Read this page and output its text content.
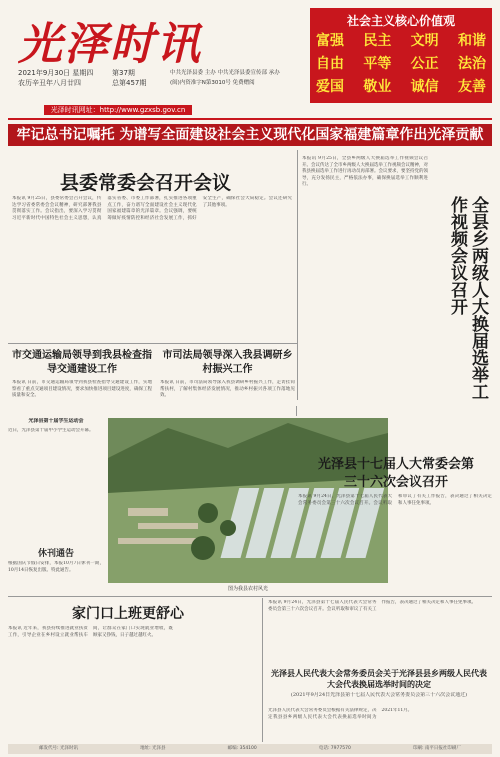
光泽时讯
2021年9月30日 星期四
农历辛丑年八月廿四
第37期
总第457期
中共光泽县委 主办 中共光泽县委宣传部 承办
(闽)内资准字N第3010号 免费赠阅
光泽时讯网址：http://www.gzxsb.gov.cn
社会主义核心价值观
富强 民主 文明 和谐
自由 平等 公正 法治
爱国 敬业 诚信 友善
牢记总书记嘱托 为谱写全面建设社会主义现代化国家福建篇章作出光泽贡献
县委常委会召开会议
本报讯 9月25日，县委常委会召开会议，传达学习省委常委会会议精神，研究部署我县贯彻落实工作。会议指出，要深入学习贯彻习近平新时代中国特色社会主义思想，认真落实省委、市委工作部署，扎实推进各项重点工作，奋力谱写全面建设社会主义现代化国家福建篇章的光泽篇章。会议强调，要统筹做好疫情防控和经济社会发展工作，抓好安全生产，确保社会大局稳定。会议还研究了其他事项。	全县乡两级人大换届选举工作视频会议召开
本报讯 9月25日，全县乡两级人大换届选举工作视频会议召开。会议传达了全市乡两级人大换届选举工作视频会议精神，对我县换届选举工作进行再动员再部署。会议要求，要坚持党的领导，充分发扬民主，严格依法办事，确保换届选举工作顺利进行。
市交通运输局领导到我县检查指导交通建设工作
本报讯 日前，市交通运输局领导到我县检查指导交通建设工作，实地察看了重点交通项目建设情况，要求加快推进项目建设进度，确保工程质量和安全。
市司法局领导深入我县调研乡村振兴工作
本报讯 日前，市司法局领导深入我县调研乡村振兴工作，走访挂钩帮扶村，了解村集体经济发展情况，推动乡村振兴各项工作落地见效。
光泽县第十届学生运动会
近日，光泽县第十届中小学生运动会开幕。
休刊通告
根据国庆节假日安排，本报10月7日休刊一期，10月14日恢复出版。特此通告。
图为我县农村风光
光泽县十七届人大常委会第三十六次会议召开
本报讯 9月24日，光泽县第十七届人民代表大会常务委员会第三十六次会议召开。会议听取和审议了有关工作报告，表决通过了相关决定和人事任免事项。
家门口上班更舒心
本报讯 近年来，我县持续推进就业扶贫工作，引导企业在乡村设立就业帮扶车间，让群众在家门口实现就业增收，既顾家又挣钱，日子越过越红火。
光泽县人民代表大会常务委员会关于光泽县县乡两级人民代表大会代表换届选举时间的决定
(2021年9月24日光泽县第十七届人民代表大会常务委员会第三十六次会议通过)
光泽县人民代表大会常务委员会根据有关法律规定，决定我县县乡两级人民代表大会代表换届选举时间为2021年11月。
本报讯 9月24日，光泽县第十七届人民代表大会常务委员会第三十六次会议召开。会议听取和审议了有关工作报告，表决通过了相关决定和人事任免事项。
邮发代号: 光泽时讯	地址: 光泽县	邮编: 354100	电话: 7977570	印刷: 南平日报社印刷厂
